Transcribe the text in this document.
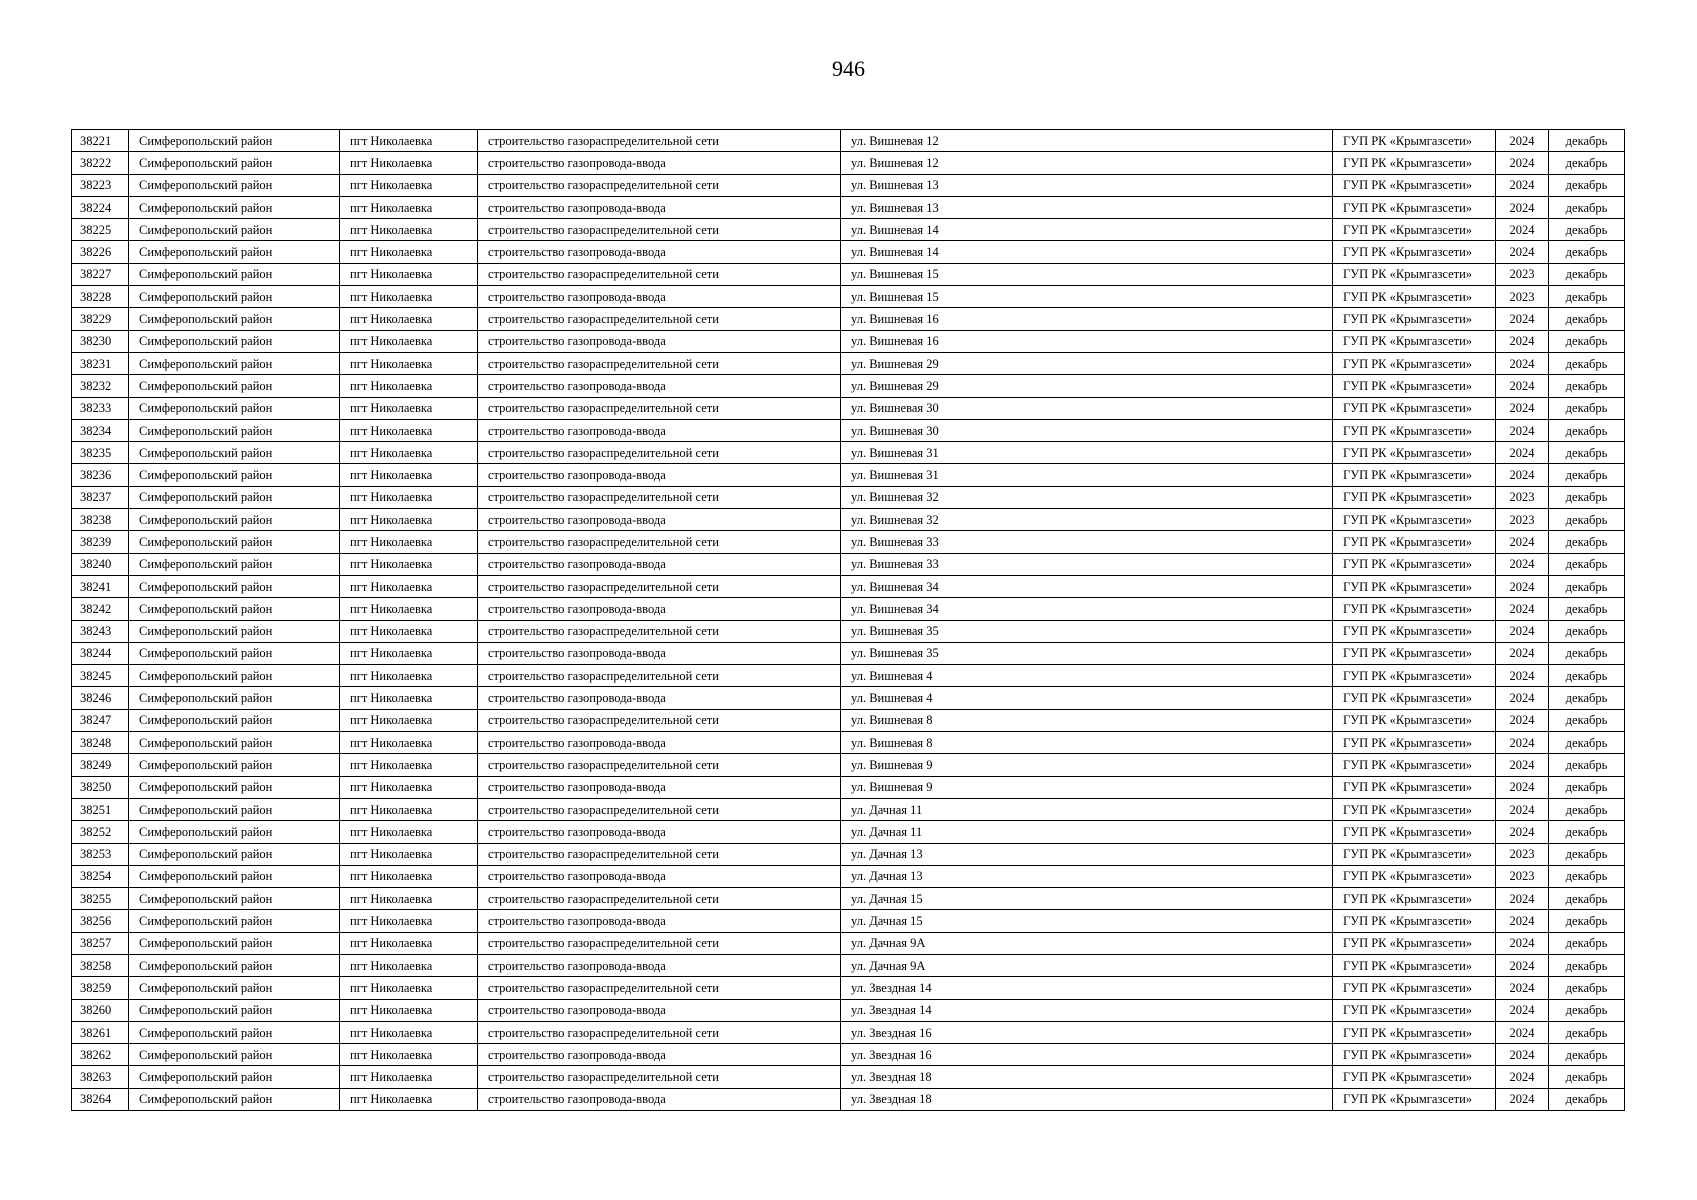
946
38221	Симферопольский район	пгт Николаевка	строительство газораспределительной сети	ул. Вишневая 12	ГУП РК «Крымгазсети»	2024	декабрь
38222	Симферопольский район	пгт Николаевка	строительство газопровода-ввода	ул. Вишневая 12	ГУП РК «Крымгазсети»	2024	декабрь
38223	Симферопольский район	пгт Николаевка	строительство газораспределительной сети	ул. Вишневая 13	ГУП РК «Крымгазсети»	2024	декабрь
38224	Симферопольский район	пгт Николаевка	строительство газопровода-ввода	ул. Вишневая 13	ГУП РК «Крымгазсети»	2024	декабрь
38225	Симферопольский район	пгт Николаевка	строительство газораспределительной сети	ул. Вишневая 14	ГУП РК «Крымгазсети»	2024	декабрь
38226	Симферопольский район	пгт Николаевка	строительство газопровода-ввода	ул. Вишневая 14	ГУП РК «Крымгазсети»	2024	декабрь
38227	Симферопольский район	пгт Николаевка	строительство газораспределительной сети	ул. Вишневая 15	ГУП РК «Крымгазсети»	2023	декабрь
38228	Симферопольский район	пгт Николаевка	строительство газопровода-ввода	ул. Вишневая 15	ГУП РК «Крымгазсети»	2023	декабрь
38229	Симферопольский район	пгт Николаевка	строительство газораспределительной сети	ул. Вишневая 16	ГУП РК «Крымгазсети»	2024	декабрь
38230	Симферопольский район	пгт Николаевка	строительство газопровода-ввода	ул. Вишневая 16	ГУП РК «Крымгазсети»	2024	декабрь
38231	Симферопольский район	пгт Николаевка	строительство газораспределительной сети	ул. Вишневая 29	ГУП РК «Крымгазсети»	2024	декабрь
38232	Симферопольский район	пгт Николаевка	строительство газопровода-ввода	ул. Вишневая 29	ГУП РК «Крымгазсети»	2024	декабрь
38233	Симферопольский район	пгт Николаевка	строительство газораспределительной сети	ул. Вишневая 30	ГУП РК «Крымгазсети»	2024	декабрь
38234	Симферопольский район	пгт Николаевка	строительство газопровода-ввода	ул. Вишневая 30	ГУП РК «Крымгазсети»	2024	декабрь
38235	Симферопольский район	пгт Николаевка	строительство газораспределительной сети	ул. Вишневая 31	ГУП РК «Крымгазсети»	2024	декабрь
38236	Симферопольский район	пгт Николаевка	строительство газопровода-ввода	ул. Вишневая 31	ГУП РК «Крымгазсети»	2024	декабрь
38237	Симферопольский район	пгт Николаевка	строительство газораспределительной сети	ул. Вишневая 32	ГУП РК «Крымгазсети»	2023	декабрь
38238	Симферопольский район	пгт Николаевка	строительство газопровода-ввода	ул. Вишневая 32	ГУП РК «Крымгазсети»	2023	декабрь
38239	Симферопольский район	пгт Николаевка	строительство газораспределительной сети	ул. Вишневая 33	ГУП РК «Крымгазсети»	2024	декабрь
38240	Симферопольский район	пгт Николаевка	строительство газопровода-ввода	ул. Вишневая 33	ГУП РК «Крымгазсети»	2024	декабрь
38241	Симферопольский район	пгт Николаевка	строительство газораспределительной сети	ул. Вишневая 34	ГУП РК «Крымгазсети»	2024	декабрь
38242	Симферопольский район	пгт Николаевка	строительство газопровода-ввода	ул. Вишневая 34	ГУП РК «Крымгазсети»	2024	декабрь
38243	Симферопольский район	пгт Николаевка	строительство газораспределительной сети	ул. Вишневая 35	ГУП РК «Крымгазсети»	2024	декабрь
38244	Симферопольский район	пгт Николаевка	строительство газопровода-ввода	ул. Вишневая 35	ГУП РК «Крымгазсети»	2024	декабрь
38245	Симферопольский район	пгт Николаевка	строительство газораспределительной сети	ул. Вишневая 4	ГУП РК «Крымгазсети»	2024	декабрь
38246	Симферопольский район	пгт Николаевка	строительство газопровода-ввода	ул. Вишневая 4	ГУП РК «Крымгазсети»	2024	декабрь
38247	Симферопольский район	пгт Николаевка	строительство газораспределительной сети	ул. Вишневая 8	ГУП РК «Крымгазсети»	2024	декабрь
38248	Симферопольский район	пгт Николаевка	строительство газопровода-ввода	ул. Вишневая 8	ГУП РК «Крымгазсети»	2024	декабрь
38249	Симферопольский район	пгт Николаевка	строительство газораспределительной сети	ул. Вишневая 9	ГУП РК «Крымгазсети»	2024	декабрь
38250	Симферопольский район	пгт Николаевка	строительство газопровода-ввода	ул. Вишневая 9	ГУП РК «Крымгазсети»	2024	декабрь
38251	Симферопольский район	пгт Николаевка	строительство газораспределительной сети	ул. Дачная 11	ГУП РК «Крымгазсети»	2024	декабрь
38252	Симферопольский район	пгт Николаевка	строительство газопровода-ввода	ул. Дачная 11	ГУП РК «Крымгазсети»	2024	декабрь
38253	Симферопольский район	пгт Николаевка	строительство газораспределительной сети	ул. Дачная 13	ГУП РК «Крымгазсети»	2023	декабрь
38254	Симферопольский район	пгт Николаевка	строительство газопровода-ввода	ул. Дачная 13	ГУП РК «Крымгазсети»	2023	декабрь
38255	Симферопольский район	пгт Николаевка	строительство газораспределительной сети	ул. Дачная 15	ГУП РК «Крымгазсети»	2024	декабрь
38256	Симферопольский район	пгт Николаевка	строительство газопровода-ввода	ул. Дачная 15	ГУП РК «Крымгазсети»	2024	декабрь
38257	Симферопольский район	пгт Николаевка	строительство газораспределительной сети	ул. Дачная 9А	ГУП РК «Крымгазсети»	2024	декабрь
38258	Симферопольский район	пгт Николаевка	строительство газопровода-ввода	ул. Дачная 9А	ГУП РК «Крымгазсети»	2024	декабрь
38259	Симферопольский район	пгт Николаевка	строительство газораспределительной сети	ул. Звездная 14	ГУП РК «Крымгазсети»	2024	декабрь
38260	Симферопольский район	пгт Николаевка	строительство газопровода-ввода	ул. Звездная 14	ГУП РК «Крымгазсети»	2024	декабрь
38261	Симферопольский район	пгт Николаевка	строительство газораспределительной сети	ул. Звездная 16	ГУП РК «Крымгазсети»	2024	декабрь
38262	Симферопольский район	пгт Николаевка	строительство газопровода-ввода	ул. Звездная 16	ГУП РК «Крымгазсети»	2024	декабрь
38263	Симферопольский район	пгт Николаевка	строительство газораспределительной сети	ул. Звездная 18	ГУП РК «Крымгазсети»	2024	декабрь
38264	Симферопольский район	пгт Николаевка	строительство газопровода-ввода	ул. Звездная 18	ГУП РК «Крымгазсети»	2024	декабрь
